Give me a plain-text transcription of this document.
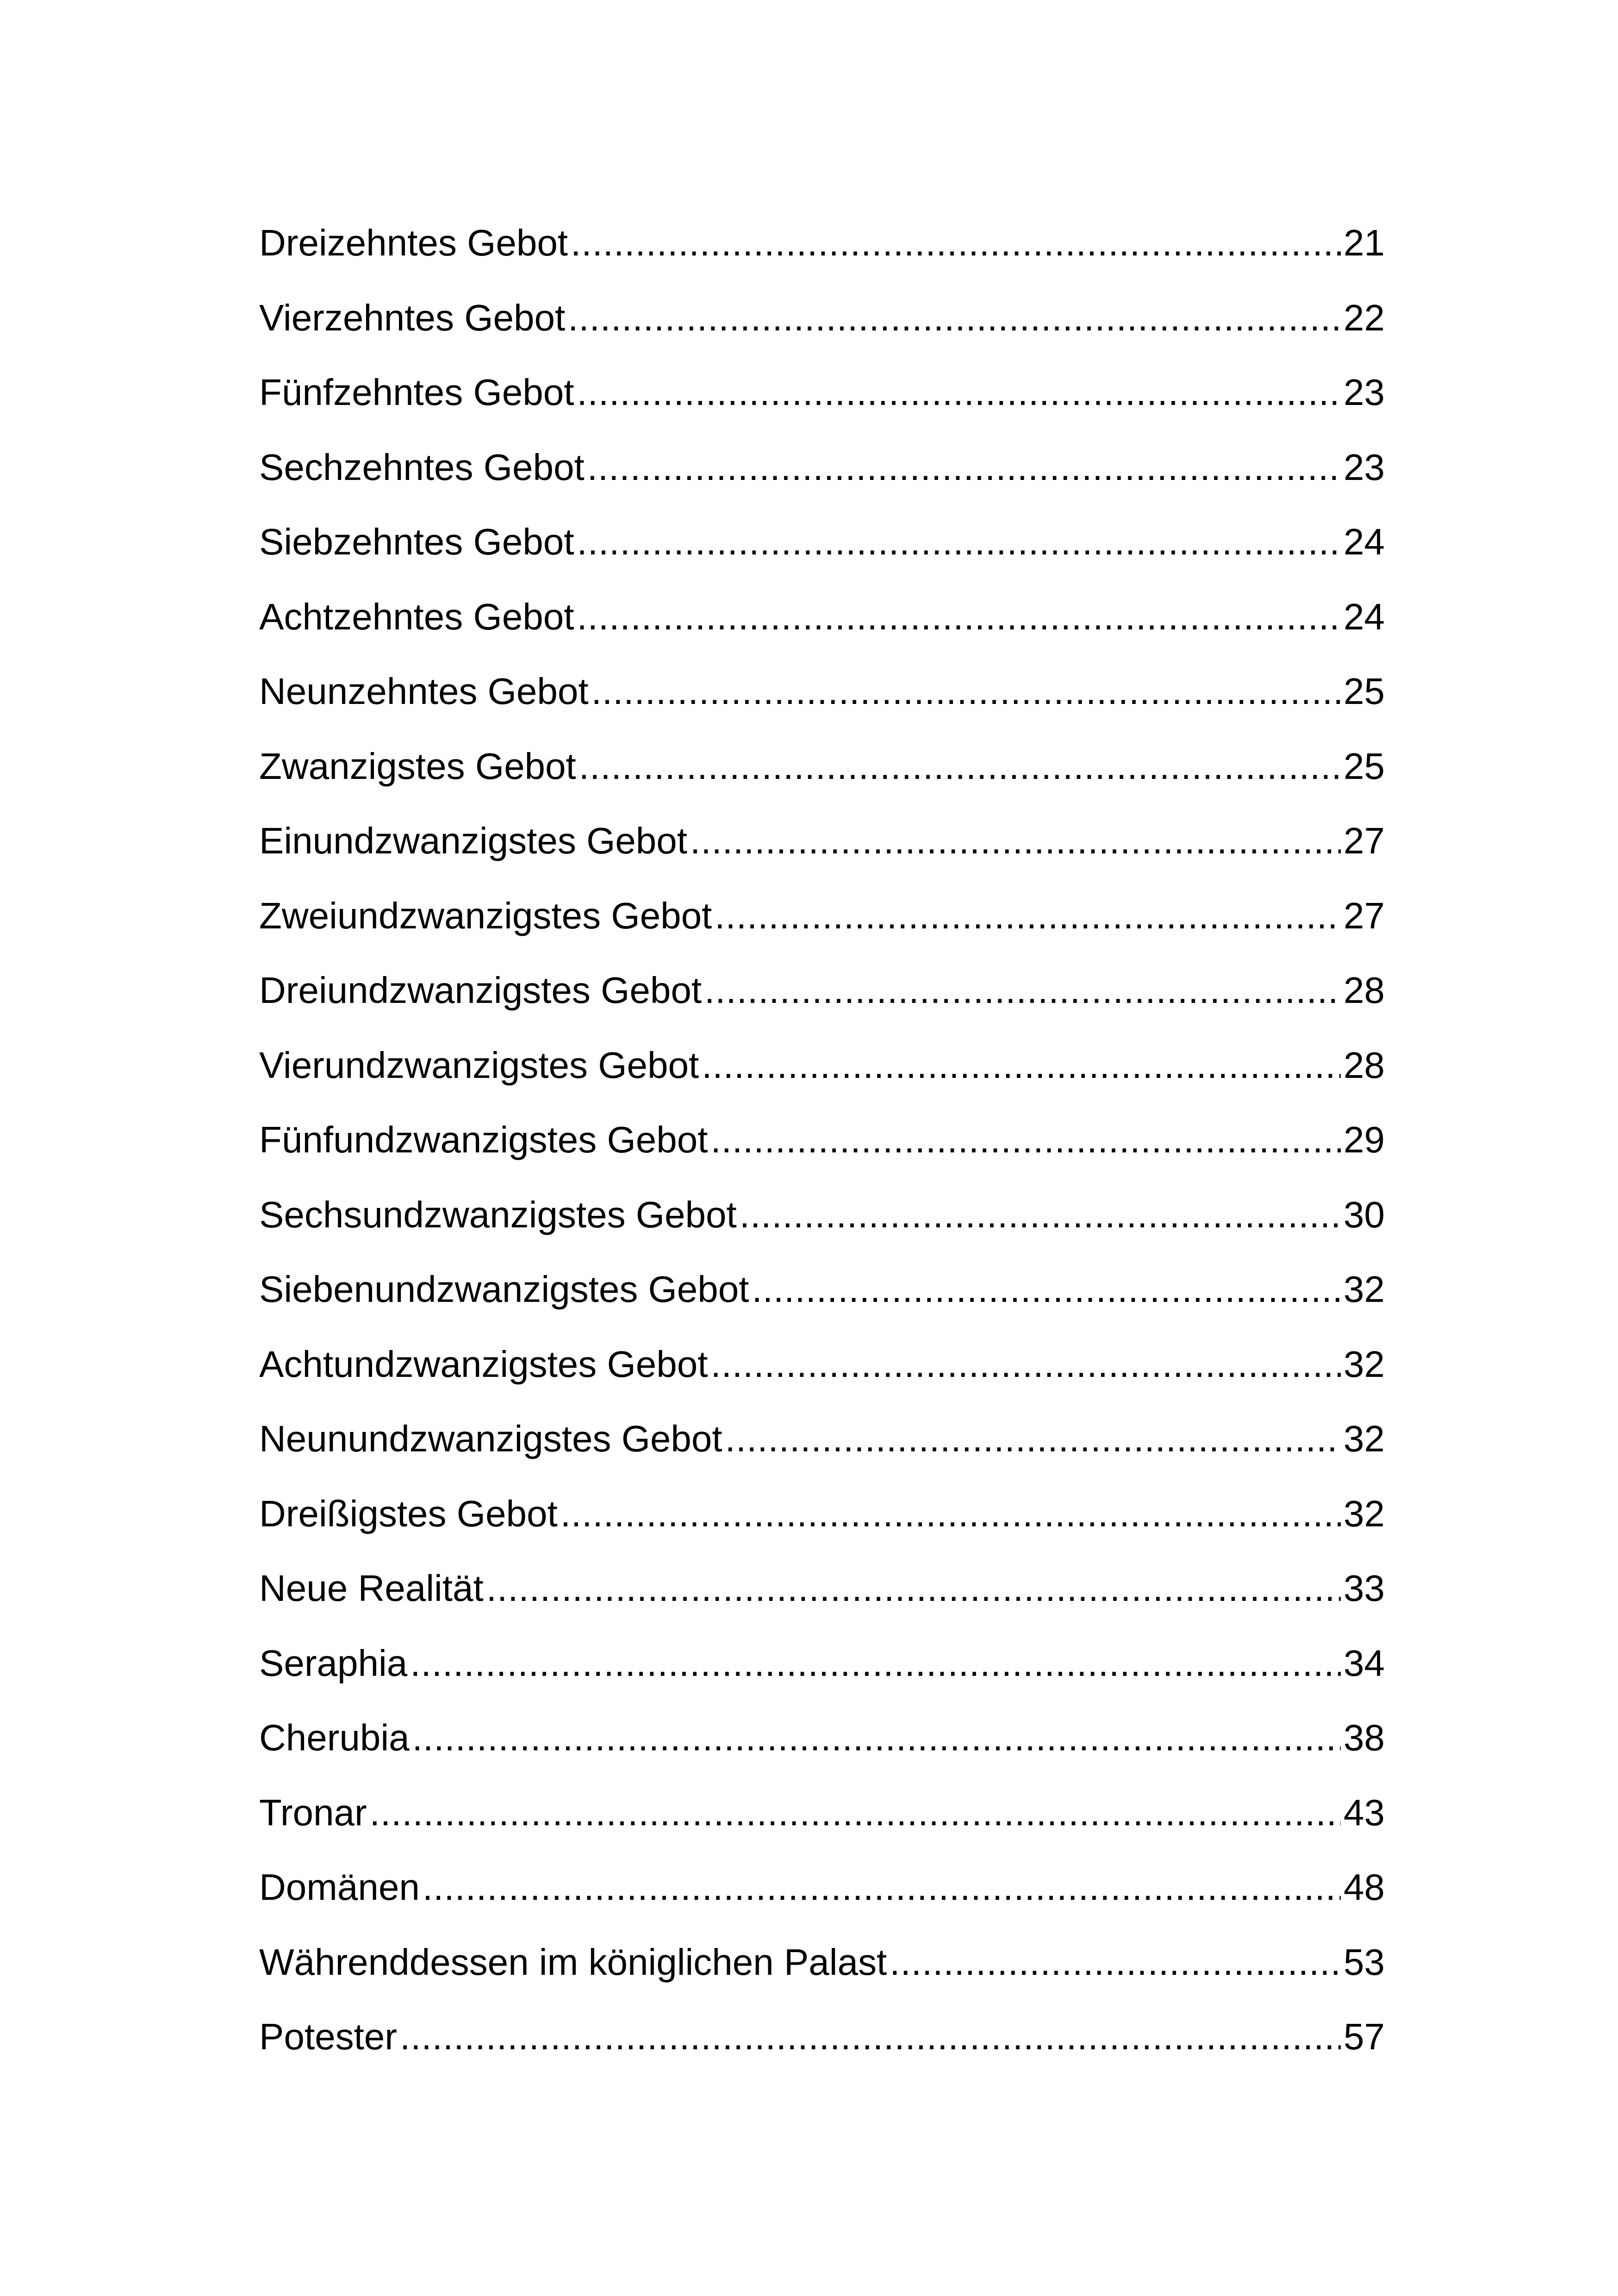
Dreizehntes Gebot .....	21
Vierzehntes Gebot .....	22
Fünfzehntes Gebot .....	23
Sechzehntes Gebot .....	23
Siebzehntes Gebot .....	24
Achtzehntes Gebot .....	24
Neunzehntes Gebot .....	25
Zwanzigstes Gebot .....	25
Einundzwanzigstes Gebot .....	27
Zweiundzwanzigstes Gebot .....	27
Dreiundzwanzigstes Gebot .....	28
Vierundzwanzigstes Gebot .....	28
Fünfundzwanzigstes Gebot .....	29
Sechsundzwanzigstes Gebot .....	30
Siebenundzwanzigstes Gebot .....	32
Achtundzwanzigstes Gebot .....	32
Neunundzwanzigstes Gebot .....	32
Dreißigstes Gebot .....	32
Neue Realität .....	33
Seraphia .....	34
Cherubia .....	38
Tronar .....	43
Domänen .....	48
Währenddessen im königlichen Palast .....	53
Potester .....	57
